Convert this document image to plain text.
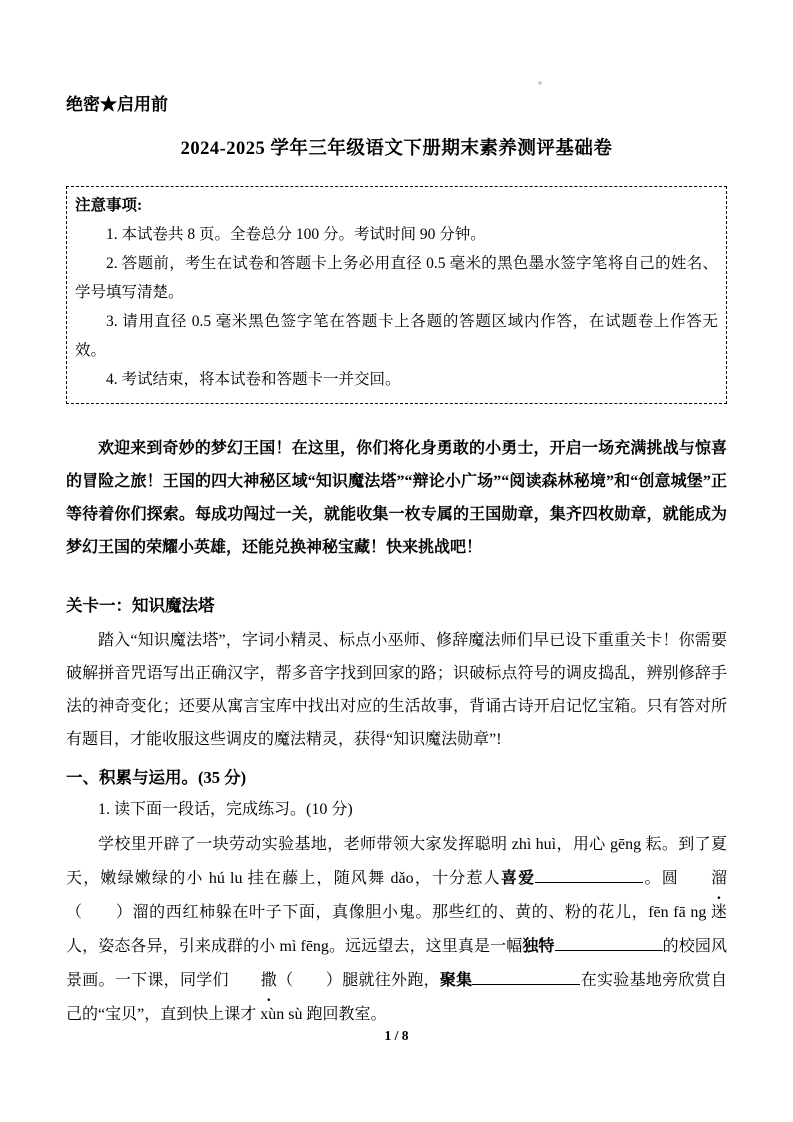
绝密★启用前
2024-2025 学年三年级语文下册期末素养测评基础卷
注意事项:

1. 本试卷共 8 页。全卷总分 100 分。考试时间 90 分钟。

2. 答题前，考生在试卷和答题卡上务必用直径 0.5 毫米的黑色墨水签字笔将自己的姓名、学号填写清楚。

3. 请用直径 0.5 毫米黑色签字笔在答题卡上各题的答题区域内作答，在试题卷上作答无效。

4. 考试结束，将本试卷和答题卡一并交回。

欢迎来到奇妙的梦幻王国！在这里，你们将化身勇敢的小勇士，开启一场充满挑战与惊喜的冒险之旅！王国的四大神秘区域“知识魔法塔”“辩论小广场”“阅读森林秘境”和“创意城堡”正等待着你们探索。每成功闯过一关，就能收集一枚专属的王国勋章，集齐四枚勋章，就能成为梦幻王国的荣耀小英雄，还能兑换神秘宝藏！快来挑战吧！

关卡一：知识魔法塔

踏入“知识魔法塔”，字词小精灵、标点小巫师、修辞魔法师们早已设下重重关卡！你需要破解拼音咒语写出正确汉字，帮多音字找到回家的路；识破标点符号的调皮捣乱，辨别修辞手法的神奇变化；还要从寓言宝库中找出对应的生活故事，背诵古诗开启记忆宝箱。只有答对所有题目，才能收服这些调皮的魔法精灵，获得“知识魔法勋章”!

一、积累与运用。(35 分)

1. 读下面一段话，完成练习。(10 分)

学校里开辟了一块劳动实验基地，老师带领大家发挥聪明 zhì huì，用心 gēng 耘。到了夏天，嫩绿嫩绿的小 hú lu 挂在藤上，随风舞 dǎo，十分惹人喜爱	。圆 溜（　　）溜的西红柿躲在叶子下面，真像胆小鬼。那些红的、黄的、粉的花儿，fēn fā ng 迷人，姿态各异，引来成群的小 mì fēng。远远望去，这里真是一幅独特	的校园风景画。一下课，同学们 撒（　　）腿就往外跑，聚集	在实验基地旁欣赏自己的“宝贝”，直到快上课才 xùn sù 跑回教室。

1 / 8
